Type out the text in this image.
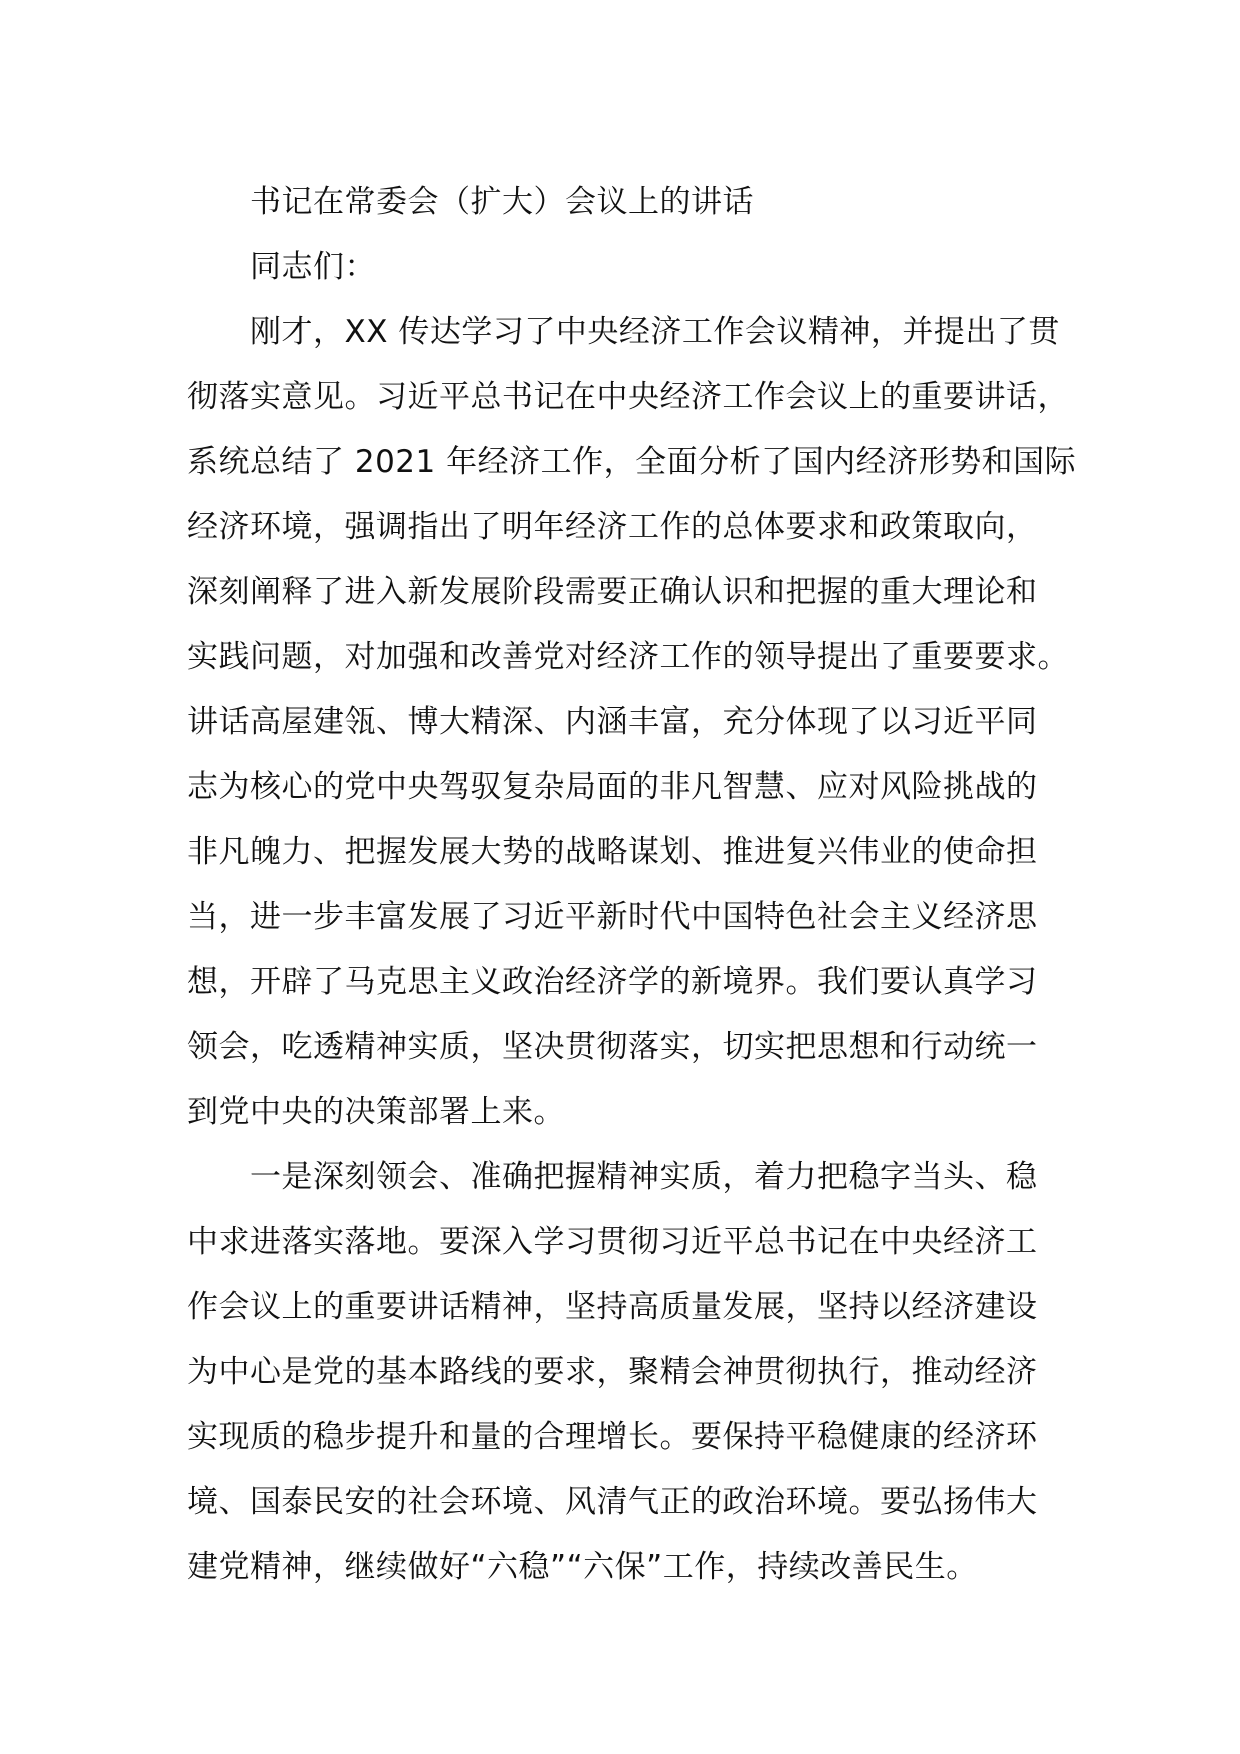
书记在常委会（扩大）会议上的讲话
同志们：
刚才，XX 传达学习了中央经济工作会议精神，并提出了贯
彻落实意见。习近平总书记在中央经济工作会议上的重要讲话，
系统总结了 2021 年经济工作，全面分析了国内经济形势和国际
经济环境，强调指出了明年经济工作的总体要求和政策取向，
深刻阐释了进入新发展阶段需要正确认识和把握的重大理论和
实践问题，对加强和改善党对经济工作的领导提出了重要要求。
讲话高屋建瓴、博大精深、内涵丰富，充分体现了以习近平同
志为核心的党中央驾驭复杂局面的非凡智慧、应对风险挑战的
非凡魄力、把握发展大势的战略谋划、推进复兴伟业的使命担
当，进一步丰富发展了习近平新时代中国特色社会主义经济思
想，开辟了马克思主义政治经济学的新境界。我们要认真学习
领会，吃透精神实质，坚决贯彻落实，切实把思想和行动统一
到党中央的决策部署上来。
一是深刻领会、准确把握精神实质，着力把稳字当头、稳
中求进落实落地。要深入学习贯彻习近平总书记在中央经济工
作会议上的重要讲话精神，坚持高质量发展，坚持以经济建设
为中心是党的基本路线的要求，聚精会神贯彻执行，推动经济
实现质的稳步提升和量的合理增长。要保持平稳健康的经济环
境、国泰民安的社会环境、风清气正的政治环境。要弘扬伟大
建党精神，继续做好“六稳”“六保”工作，持续改善民生。
